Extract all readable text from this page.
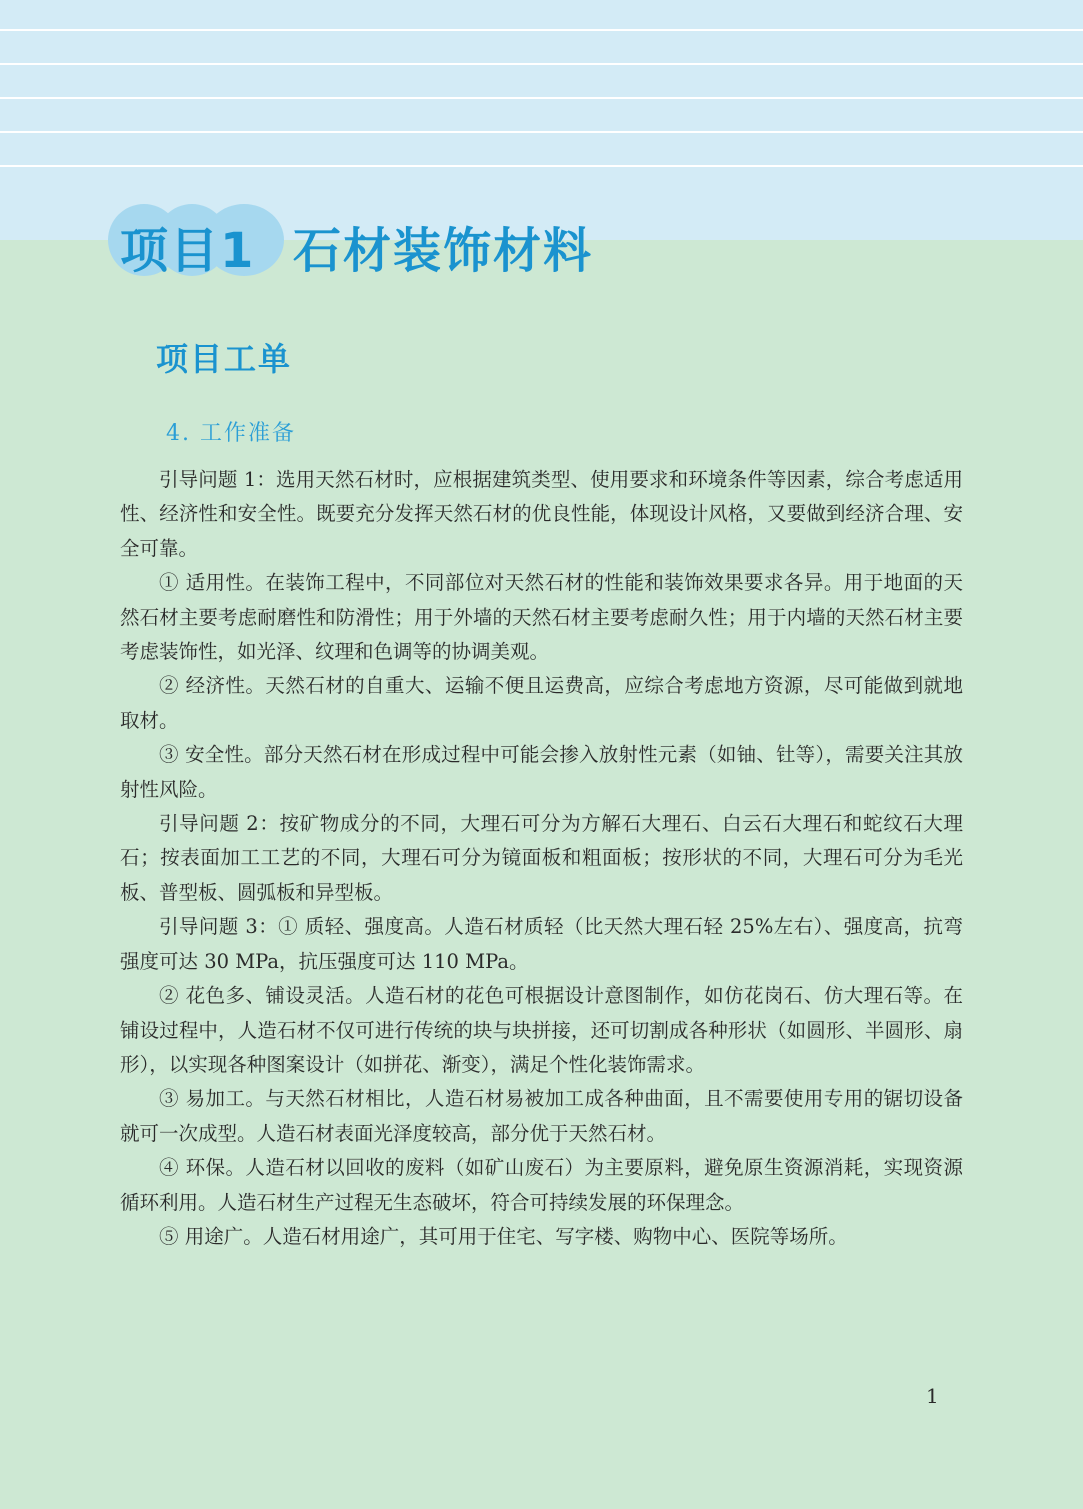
项目1 石材装饰材料
项目工单
4. 工作准备

引导问题 1：选用天然石材时，应根据建筑类型、使用要求和环境条件等因素，综合考虑适用性、经济性和安全性。既要充分发挥天然石材的优良性能，体现设计风格，又要做到经济合理、安全可靠。

① 适用性。在装饰工程中，不同部位对天然石材的性能和装饰效果要求各异。用于地面的天然石材主要考虑耐磨性和防滑性；用于外墙的天然石材主要考虑耐久性；用于内墙的天然石材主要考虑装饰性，如光泽、纹理和色调等的协调美观。

② 经济性。天然石材的自重大、运输不便且运费高，应综合考虑地方资源，尽可能做到就地取材。

③ 安全性。部分天然石材在形成过程中可能会掺入放射性元素（如铀、钍等），需要关注其放射性风险。

引导问题 2：按矿物成分的不同，大理石可分为方解石大理石、白云石大理石和蛇纹石大理石；按表面加工工艺的不同，大理石可分为镜面板和粗面板；按形状的不同，大理石可分为毛光板、普型板、圆弧板和异型板。

引导问题 3：① 质轻、强度高。人造石材质轻（比天然大理石轻 25%左右）、强度高，抗弯强度可达 30 MPa，抗压强度可达 110 MPa。

② 花色多、铺设灵活。人造石材的花色可根据设计意图制作，如仿花岗石、仿大理石等。在铺设过程中，人造石材不仅可进行传统的块与块拼接，还可切割成各种形状（如圆形、半圆形、扇形），以实现各种图案设计（如拼花、渐变），满足个性化装饰需求。

③ 易加工。与天然石材相比，人造石材易被加工成各种曲面，且不需要使用专用的锯切设备就可一次成型。人造石材表面光泽度较高，部分优于天然石材。

④ 环保。人造石材以回收的废料（如矿山废石）为主要原料，避免原生资源消耗，实现资源循环利用。人造石材生产过程无生态破坏，符合可持续发展的环保理念。

⑤ 用途广。人造石材用途广，其可用于住宅、写字楼、购物中心、医院等场所。

1
